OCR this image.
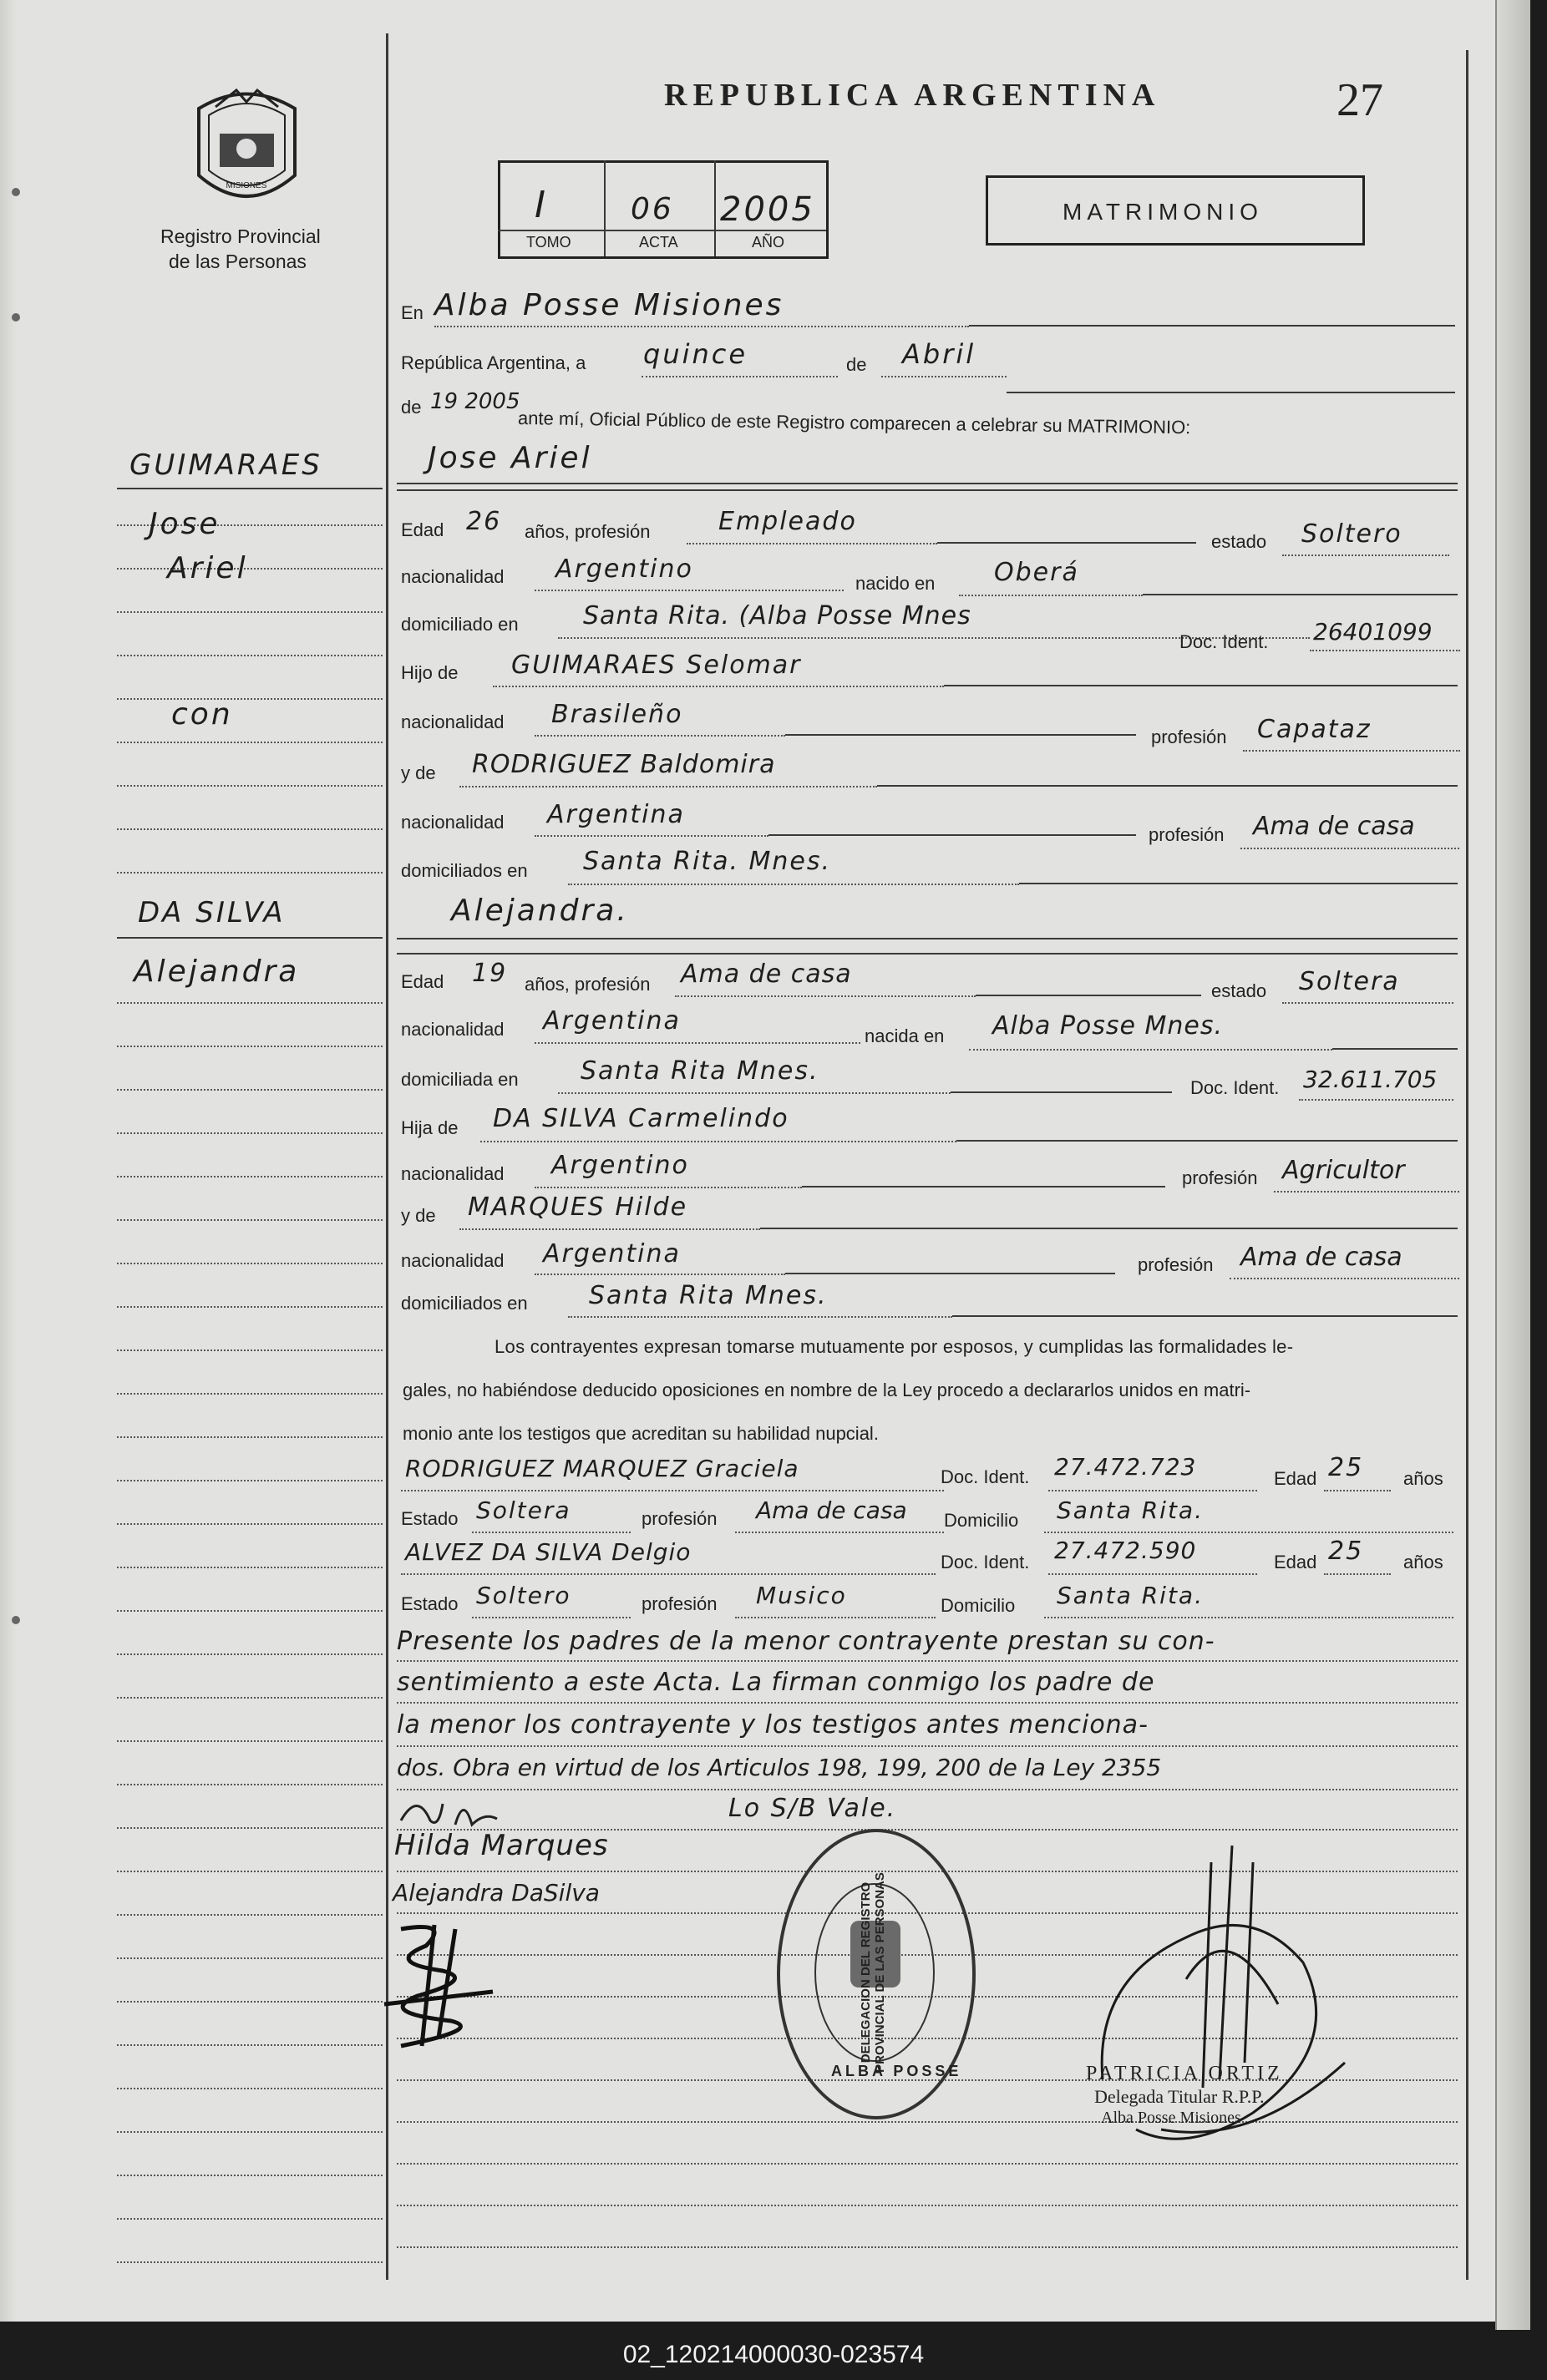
MISIONES
Registro Provincial
de las Personas
REPUBLICA ARGENTINA	27
I	06 2005
TOMO	ACTA	AÑO
MATRIMONIO
GUIMARAES
Jose
Ariel
con
DA SILVA
Alejandra
En Alba Posse Misiones
República Argentina, a quince	de Abril
de 19 2005
ante mí, Oficial Público de este Registro comparecen a celebrar su MATRIMONIO:
Jose Ariel
Edad 26 años, profesión	Empleado
estado Soltero
nacionalidad Argentino	nacido en Oberá
domiciliado en	Santa Rita. (Alba Posse Mnes
Doc. Ident. 26401099
Hijo de GUIMARAES Selomar
nacionalidad Brasileño
profesión Capataz
y de RODRIGUEZ Baldomira
nacionalidad Argentina
profesión Ama de casa
domiciliados en Santa Rita. Mnes.
Alejandra.
Edad 19 años, profesión Ama de casa
estado Soltera
nacionalidad Argentina
nacida en Alba Posse Mnes.
domiciliada en Santa Rita Mnes.
Doc. Ident. 32.611.705
Hija de DA SILVA Carmelindo
nacionalidad Argentino	profesión Agricultor
y de MARQUES Hilde
nacionalidad Argentina	profesión Ama de casa
domiciliados en Santa Rita Mnes.
Los contrayentes expresan tomarse mutuamente por esposos, y cumplidas las formalidades le-
gales, no habiéndose deducido oposiciones en nombre de la Ley procedo a declararlos unidos en matri-
monio ante los testigos que acreditan su habilidad nupcial.
RODRIGUEZ MARQUEZ Graciela	Doc. Ident. 27.472.723	Edad 25 años
Estado Soltera	profesión Ama de casa Domicilio Santa Rita.
ALVEZ DA SILVA Delgio	Doc. Ident. 27.472.590	Edad 25 años
Estado Soltero	profesión Musico	Domicilio Santa Rita.
Presente los padres de la menor contrayente prestan su con-
sentimiento a este Acta. La firman conmigo los padre de
la menor los contrayente y los testigos antes menciona-
dos. Obra en virtud de los Articulos 198, 199, 200 de la Ley 2355
Lo S/B Vale.
Hilda Marques
Alejandra DaSilva	DELEGACION DEL REGISTRO PROVINCIAL DE LAS PERSONAS
ALBA POSSE	PATRICIA ORTIZ
Delegada Titular R.P.P.
Alba Posse Misiones
02_120214000030-023574
